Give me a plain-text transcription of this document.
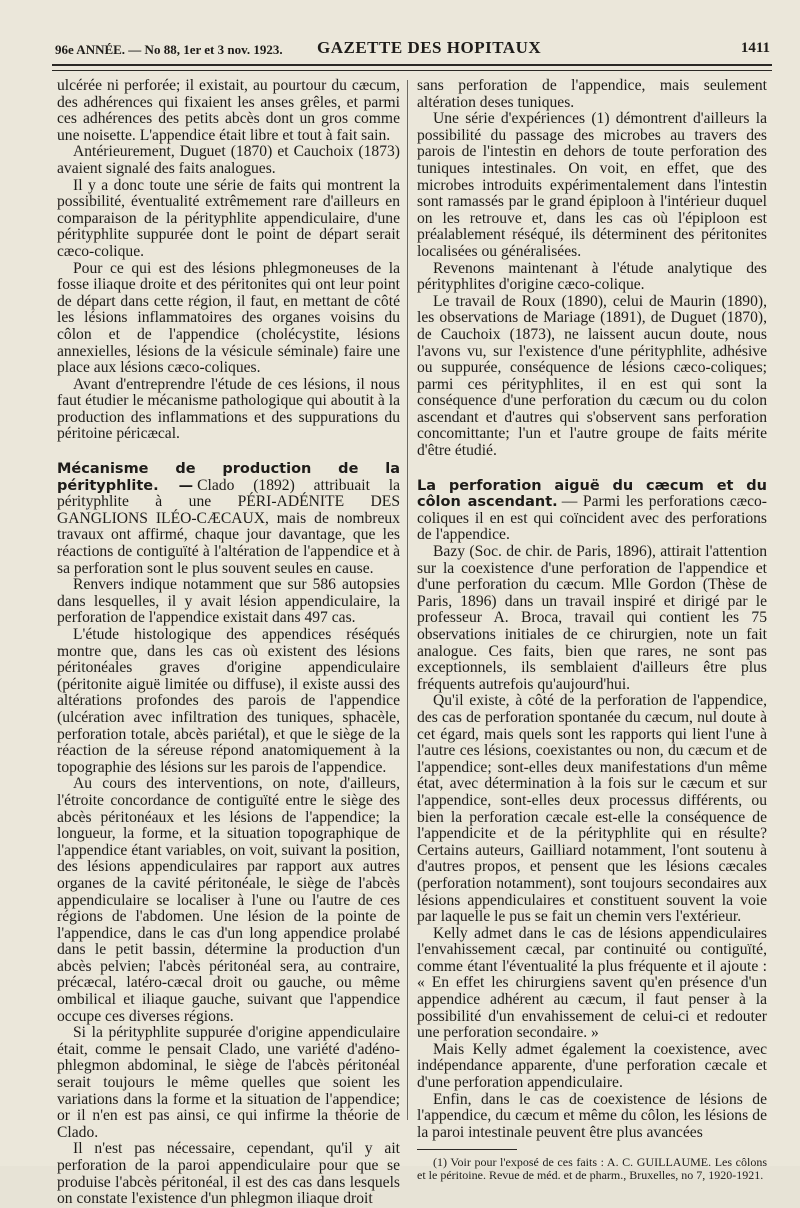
96e ANNÉE. — No 88, 1er et 3 nov. 1923. GAZETTE DES HOPITAUX	1411

ulcérée ni perforée; il existait, au pourtour du cæcum, des adhérences qui fixaient les anses grêles, et parmi ces adhérences des petits abcès dont un gros comme une noisette. L'appendice était libre et tout à fait sain.

Antérieurement, Duguet (1870) et Cauchoix (1873) avaient signalé des faits analogues.

Il y a donc toute une série de faits qui montrent la possibilité, éventualité extrêmement rare d'ailleurs en comparaison de la pérityphlite appendiculaire, d'une pérityphlite suppurée dont le point de départ serait cæco-colique.

Pour ce qui est des lésions phlegmoneuses de la fosse iliaque droite et des péritonites qui ont leur point de départ dans cette région, il faut, en mettant de côté les lésions inflammatoires des organes voisins du côlon et de l'appendice (cholécystite, lésions annexielles, lésions de la vésicule séminale) faire une place aux lésions cæco-coliques.

Avant d'entreprendre l'étude de ces lésions, il nous faut étudier le mécanisme pathologique qui aboutit à la production des inflammations et des suppurations du péritoine péricæcal.

Mécanisme de production de la pérityphlite. — Clado (1892) attribuait la pérityphlite à une PÉRI-ADÉNITE DES GANGLIONS ILÉO-CÆCAUX, mais de nombreux travaux ont affirmé, chaque jour davantage, que les réactions de contiguïté à l'altération de l'appendice et à sa perforation sont le plus souvent seules en cause.

Renvers indique notamment que sur 586 autopsies dans lesquelles, il y avait lésion appendiculaire, la perforation de l'appendice existait dans 497 cas.

L'étude histologique des appendices réséqués montre que, dans les cas où existent des lésions péritonéales graves d'origine appendiculaire (péritonite aiguë limitée ou diffuse), il existe aussi des altérations profondes des parois de l'appendice (ulcération avec infiltration des tuniques, sphacèle, perforation totale, abcès pariétal), et que le siège de la réaction de la séreuse répond anatomiquement à la topographie des lésions sur les parois de l'appendice.

Au cours des interventions, on note, d'ailleurs, l'étroite concordance de contiguïté entre le siège des abcès péritonéaux et les lésions de l'appendice; la longueur, la forme, et la situation topographique de l'appendice étant variables, on voit, suivant la position, des lésions appendiculaires par rapport aux autres organes de la cavité péritonéale, le siège de l'abcès appendiculaire se localiser à l'une ou l'autre de ces régions de l'abdomen. Une lésion de la pointe de l'appendice, dans le cas d'un long appendice prolabé dans le petit bassin, détermine la production d'un abcès pelvien; l'abcès péritonéal sera, au contraire, précæcal, latéro-cæcal droit ou gauche, ou même ombilical et iliaque gauche, suivant que l'appendice occupe ces diverses régions.

Si la pérityphlite suppurée d'origine appendiculaire était, comme le pensait Clado, une variété d'adéno-phlegmon abdominal, le siège de l'abcès péritonéal serait toujours le même quelles que soient les variations dans la forme et la situation de l'appendice; or il n'en est pas ainsi, ce qui infirme la théorie de Clado.

Il n'est pas nécessaire, cependant, qu'il y ait perforation de la paroi appendiculaire pour que se produise l'abcès péritonéal, il est des cas dans lesquels on constate l'existence d'un phlegmon iliaque droit

sans perforation de l'appendice, mais seulement altération deses tuniques.

Une série d'expériences (1) démontrent d'ailleurs la possibilité du passage des microbes au travers des parois de l'intestin en dehors de toute perforation des tuniques intestinales. On voit, en effet, que des microbes introduits expérimentalement dans l'intestin sont ramassés par le grand épiploon à l'intérieur duquel on les retrouve et, dans les cas où l'épiploon est préalablement réséqué, ils déterminent des péritonites localisées ou généralisées.

Revenons maintenant à l'étude analytique des pérityphlites d'origine cæco-colique.

Le travail de Roux (1890), celui de Maurin (1890), les observations de Mariage (1891), de Duguet (1870), de Cauchoix (1873), ne laissent aucun doute, nous l'avons vu, sur l'existence d'une pérityphlite, adhésive ou suppurée, conséquence de lésions cæco-coliques; parmi ces pérityphlites, il en est qui sont la conséquence d'une perforation du cæcum ou du colon ascendant et d'autres qui s'observent sans perforation concomittante; l'un et l'autre groupe de faits mérite d'être étudié.

La perforation aiguë du cæcum et du côlon ascendant. — Parmi les perforations cæco-coliques il en est qui coïncident avec des perforations de l'appendice.

Bazy (Soc. de chir. de Paris, 1896), attirait l'attention sur la coexistence d'une perforation de l'appendice et d'une perforation du cæcum. Mlle Gordon (Thèse de Paris, 1896) dans un travail inspiré et dirigé par le professeur A. Broca, travail qui contient les 75 observations initiales de ce chirurgien, note un fait analogue. Ces faits, bien que rares, ne sont pas exceptionnels, ils semblaient d'ailleurs être plus fréquents autrefois qu'aujourd'hui.

Qu'il existe, à côté de la perforation de l'appendice, des cas de perforation spontanée du cæcum, nul doute à cet égard, mais quels sont les rapports qui lient l'une à l'autre ces lésions, coexistantes ou non, du cæcum et de l'appendice; sont-elles deux manifestations d'un même état, avec détermination à la fois sur le cæcum et sur l'appendice, sont-elles deux processus différents, ou bien la perforation cæcale est-elle la conséquence de l'appendicite et de la pérityphlite qui en résulte? Certains auteurs, Gailliard notamment, l'ont soutenu à d'autres propos, et pensent que les lésions cæcales (perforation notamment), sont toujours secondaires aux lésions appendiculaires et constituent souvent la voie par laquelle le pus se fait un chemin vers l'extérieur.

Kelly admet dans le cas de lésions appendiculaires l'envahissement cæcal, par continuité ou contiguïté, comme étant l'éventualité la plus fréquente et il ajoute : « En effet les chirurgiens savent qu'en présence d'un appendice adhérent au cæcum, il faut penser à la possibilité d'un envahissement de celui-ci et redouter une perforation secondaire. »

Mais Kelly admet également la coexistence, avec indépendance apparente, d'une perforation cæcale et d'une perforation appendiculaire.

Enfin, dans le cas de coexistence de lésions de l'appendice, du cæcum et même du côlon, les lésions de la paroi intestinale peuvent être plus avancées

(1) Voir pour l'exposé de ces faits : A. C. GUILLAUME. Les côlons et le péritoine. Revue de méd. et de pharm., Bruxelles, no 7, 1920-1921.
